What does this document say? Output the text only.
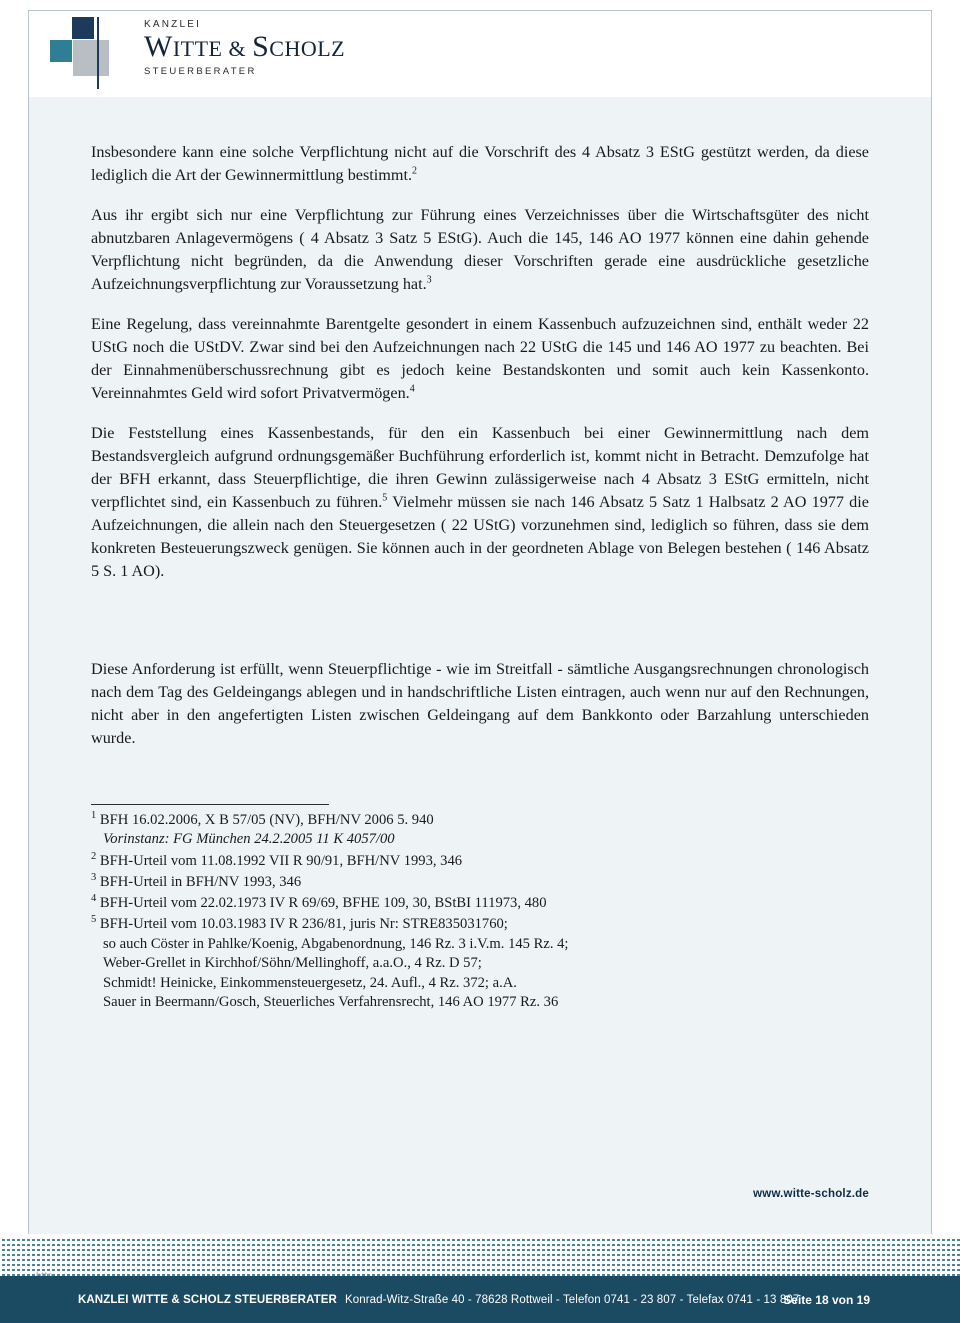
KANZLEI
WITTE & SCHOLZ
STEUERBERATER

Insbesondere kann eine solche Verpflichtung nicht auf die Vorschrift des 4 Absatz 3 EStG gestützt werden, da diese lediglich die Art der Gewinnermittlung bestimmt.$^2$

Aus ihr ergibt sich nur eine Verpflichtung zur Führung eines Verzeichnisses über die Wirtschaftsgüter des nicht abnutzbaren Anlagevermögens ( 4 Absatz 3 Satz 5 EStG). Auch die 145, 146 AO 1977 können eine dahin gehende Verpflichtung nicht begründen, da die Anwendung dieser Vorschriften gerade eine ausdrückliche gesetzliche Aufzeichnungsverpflichtung zur Voraussetzung hat.$^3$

Eine Regelung, dass vereinnahmte Barentgelte gesondert in einem Kassenbuch aufzuzeichnen sind, enthält weder 22 UStG noch die UStDV. Zwar sind bei den Aufzeichnungen nach 22 UStG die 145 und 146 AO 1977 zu beachten. Bei der Einnahmenüberschussrechnung gibt es jedoch keine Bestandskonten und somit auch kein Kassenkonto. Vereinnahmtes Geld wird sofort Privatvermögen.$^4$

Die Feststellung eines Kassenbestands, für den ein Kassenbuch bei einer Gewinnermittlung nach dem Bestandsvergleich aufgrund ordnungsgemäßer Buchführung erforderlich ist, kommt nicht in Betracht. Demzufolge hat der BFH erkannt, dass Steuerpflichtige, die ihren Gewinn zulässigerweise nach 4 Absatz 3 EStG ermitteln, nicht verpflichtet sind, ein Kassenbuch zu führen.$^5$ Vielmehr müssen sie nach 146 Absatz 5 Satz 1 Halbsatz 2 AO 1977 die Aufzeichnungen, die allein nach den Steuergesetzen ( 22 UStG) vorzunehmen sind, lediglich so führen, dass sie dem konkreten Besteuerungszweck genügen. Sie können auch in der geordneten Ablage von Belegen bestehen ( 146 Absatz 5 S. 1 AO).

Diese Anforderung ist erfüllt, wenn Steuerpflichtige - wie im Streitfall - sämtliche Ausgangsrechnungen chronologisch nach dem Tag des Geldeingangs ablegen und in handschriftliche Listen eintragen, auch wenn nur auf den Rechnungen, nicht aber in den angefertigten Listen zwischen Geldeingang auf dem Bankkonto oder Barzahlung unterschieden wurde.

$^1$ BFH 16.02.2006, X B 57/05 (NV), BFH/NV 2006 5. 940
Vorinstanz: FG München 24.2.2005 11 K 4057/00
$^2$ BFH-Urteil vom 11.08.1992 VII R 90/91, BFH/NV 1993, 346
$^3$ BFH-Urteil in BFH/NV 1993, 346
$^4$ BFH-Urteil vom 22.02.1973 IV R 69/69, BFHE 109, 30, BStBI 111973, 480
$^5$ BFH-Urteil vom 10.03.1983 IV R 236/81, juris Nr: STRE835031760;
so auch Cöster in Pahlke/Koenig, Abgabenordnung, 146 Rz. 3 i.V.m. 145 Rz. 4;
Weber-Grellet in Kirchhof/Söhn/Mellinghoff, a.a.O., 4 Rz. D 57;
Schmidt! Heinicke, Einkommensteuergesetz, 24. Aufl., 4 Rz. 372; a.A.
Sauer in Beermann/Gosch, Steuerliches Verfahrensrecht, 146 AO 1977 Rz. 36
www.witte-scholz.de
KANZLEI WITTE & SCHOLZ STEUERBERATER Konrad-Witz-Straße 40 - 78628 Rottweil - Telefon 0741 - 23 807 - Telefax 0741 - 13 807
Seite 18 von 19
